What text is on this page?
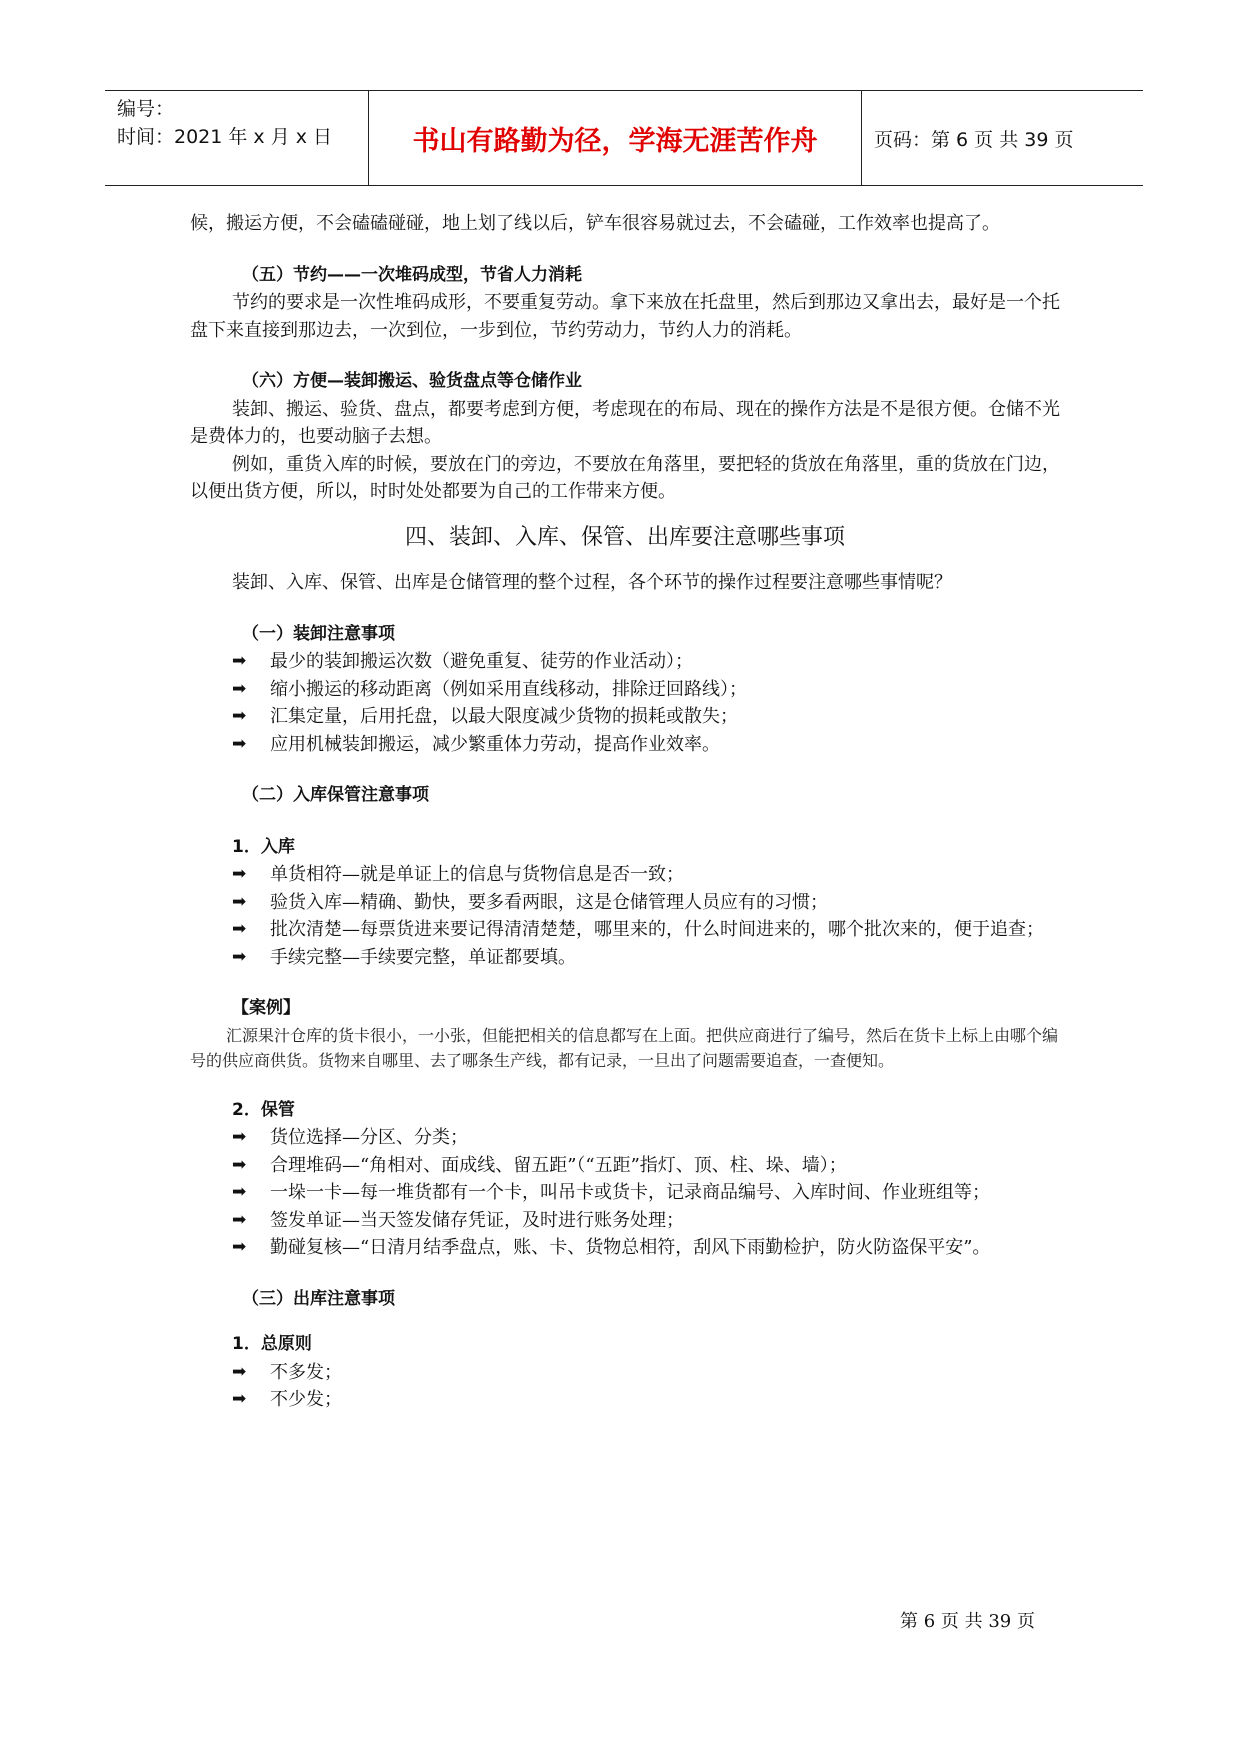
编号：
时间：2021 年 x 月 x 日	书山有路勤为径，学海无涯苦作舟	页码：第 6 页 共 39 页

候，搬运方便，不会磕磕碰碰，地上划了线以后，铲车很容易就过去，不会磕碰，工作效率也提高了。

（五）节约——一次堆码成型，节省人力消耗

节约的要求是一次性堆码成形，不要重复劳动。拿下来放在托盘里，然后到那边又拿出去，最好是一个托盘下来直接到那边去，一次到位，一步到位，节约劳动力，节约人力的消耗。

（六）方便—装卸搬运、验货盘点等仓储作业

装卸、搬运、验货、盘点，都要考虑到方便，考虑现在的布局、现在的操作方法是不是很方便。仓储不光是费体力的，也要动脑子去想。

例如，重货入库的时候，要放在门的旁边，不要放在角落里，要把轻的货放在角落里，重的货放在门边，以便出货方便，所以，时时处处都要为自己的工作带来方便。

四、装卸、入库、保管、出库要注意哪些事项

装卸、入库、保管、出库是仓储管理的整个过程，各个环节的操作过程要注意哪些事情呢？

（一）装卸注意事项

➡ 最少的装卸搬运次数（避免重复、徒劳的作业活动）；

➡ 缩小搬运的移动距离（例如采用直线移动，排除迂回路线）；

➡ 汇集定量，后用托盘，以最大限度减少货物的损耗或散失；

➡ 应用机械装卸搬运，减少繁重体力劳动，提高作业效率。

（二）入库保管注意事项

1．入库

➡ 单货相符—就是单证上的信息与货物信息是否一致；

➡ 验货入库—精确、勤快，要多看两眼，这是仓储管理人员应有的习惯；

➡ 批次清楚—每票货进来要记得清清楚楚，哪里来的，什么时间进来的，哪个批次来的，便于追查；

➡ 手续完整—手续要完整，单证都要填。

【案例】

汇源果汁仓库的货卡很小，一小张，但能把相关的信息都写在上面。把供应商进行了编号，然后在货卡上标上由哪个编号的供应商供货。货物来自哪里、去了哪条生产线，都有记录，一旦出了问题需要追查，一查便知。

2．保管

➡ 货位选择—分区、分类；

➡ 合理堆码—“角相对、面成线、留五距”（“五距”指灯、顶、柱、垛、墙）；

➡ 一垛一卡—每一堆货都有一个卡，叫吊卡或货卡，记录商品编号、入库时间、作业班组等；

➡ 签发单证—当天签发储存凭证，及时进行账务处理；

➡ 勤碰复核—“日清月结季盘点，账、卡、货物总相符，刮风下雨勤检护，防火防盗保平安”。

（三）出库注意事项

1．总原则

➡ 不多发；

➡ 不少发；

第 6 页 共 39 页
